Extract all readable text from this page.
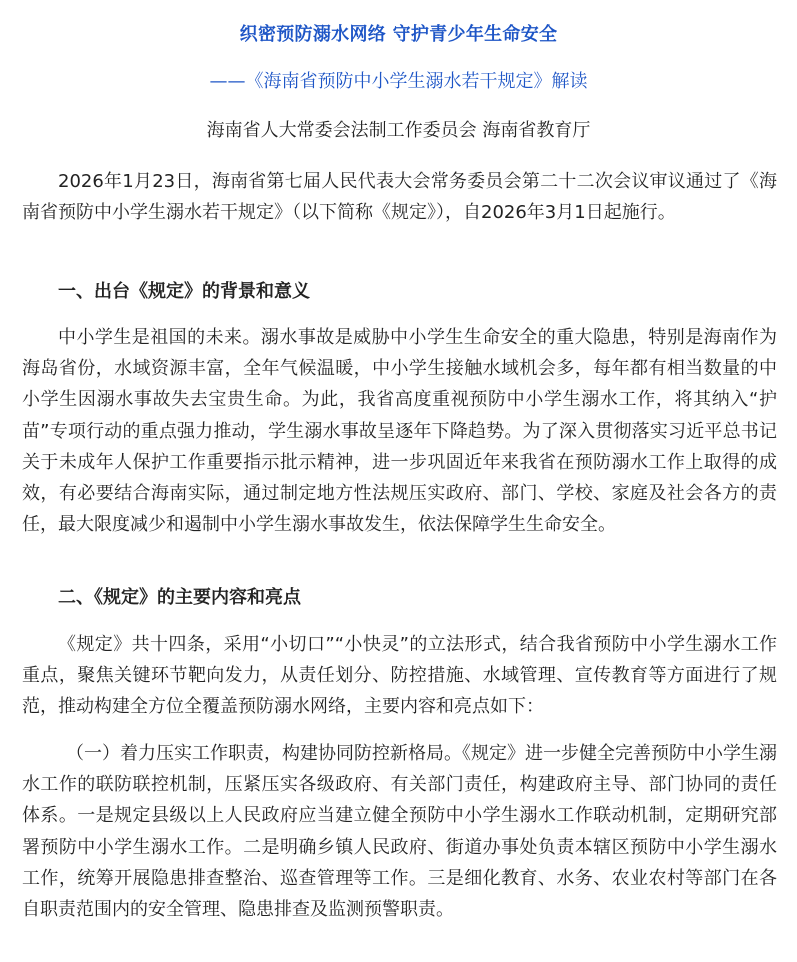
织密预防溺水网络 守护青少年生命安全
——《海南省预防中小学生溺水若干规定》解读
海南省人大常委会法制工作委员会 海南省教育厅

2026年1月23日，海南省第七届人民代表大会常务委员会第二十二次会议审议通过了《海南省预防中小学生溺水若干规定》（以下简称《规定》），自2026年3月1日起施行。

一、出台《规定》的背景和意义

中小学生是祖国的未来。溺水事故是威胁中小学生生命安全的重大隐患，特别是海南作为海岛省份，水域资源丰富，全年气候温暖，中小学生接触水域机会多，每年都有相当数量的中小学生因溺水事故失去宝贵生命。为此，我省高度重视预防中小学生溺水工作，将其纳入“护苗”专项行动的重点强力推动，学生溺水事故呈逐年下降趋势。为了深入贯彻落实习近平总书记关于未成年人保护工作重要指示批示精神，进一步巩固近年来我省在预防溺水工作上取得的成效，有必要结合海南实际，通过制定地方性法规压实政府、部门、学校、家庭及社会各方的责任，最大限度减少和遏制中小学生溺水事故发生，依法保障学生生命安全。

二、《规定》的主要内容和亮点

《规定》共十四条，采用“小切口”“小快灵”的立法形式，结合我省预防中小学生溺水工作重点，聚焦关键环节靶向发力，从责任划分、防控措施、水域管理、宣传教育等方面进行了规范，推动构建全方位全覆盖预防溺水网络，主要内容和亮点如下：

（一）着力压实工作职责，构建协同防控新格局。《规定》进一步健全完善预防中小学生溺水工作的联防联控机制，压紧压实各级政府、有关部门责任，构建政府主导、部门协同的责任体系。一是规定县级以上人民政府应当建立健全预防中小学生溺水工作联动机制，定期研究部署预防中小学生溺水工作。二是明确乡镇人民政府、街道办事处负责本辖区预防中小学生溺水工作，统筹开展隐患排查整治、巡查管理等工作。三是细化教育、水务、农业农村等部门在各自职责范围内的安全管理、隐患排查及监测预警职责。
